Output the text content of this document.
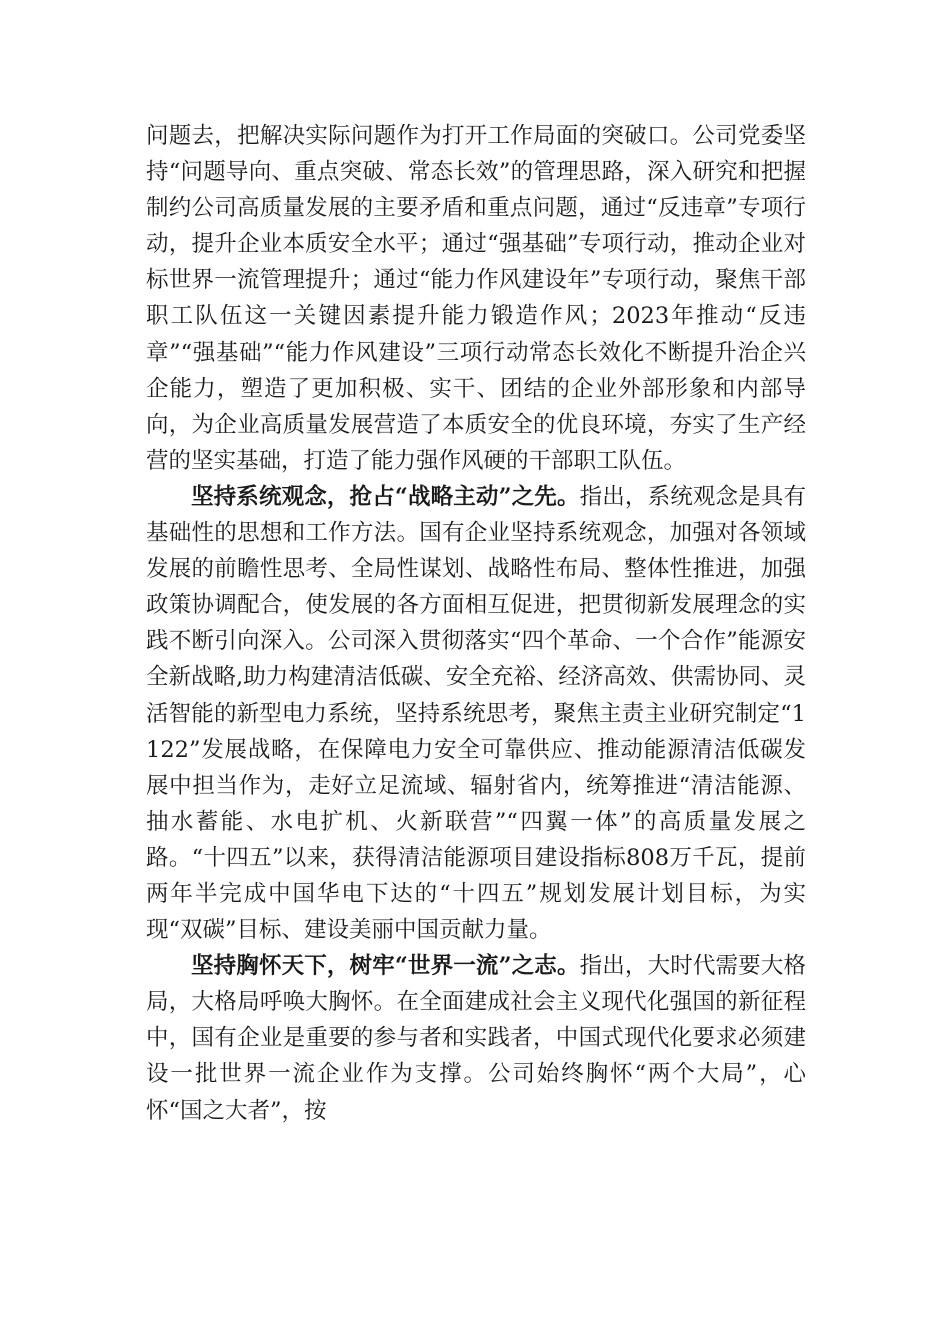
问题去，把解决实际问题作为打开工作局面的突破口。公司党委坚持“问题导向、重点突破、常态长效”的管理思路，深入研究和把握制约公司高质量发展的主要矛盾和重点问题，通过“反违章”专项行动，提升企业本质安全水平；通过“强基础”专项行动，推动企业对标世界一流管理提升；通过“能力作风建设年”专项行动，聚焦干部职工队伍这一关键因素提升能力锻造作风；2023年推动“反违章”“强基础”“能力作风建设”三项行动常态长效化不断提升治企兴企能力，塑造了更加积极、实干、团结的企业外部形象和内部导向，为企业高质量发展营造了本质安全的优良环境，夯实了生产经营的坚实基础，打造了能力强作风硬的干部职工队伍。

坚持系统观念，抢占“战略主动”之先。指出，系统观念是具有基础性的思想和工作方法。国有企业坚持系统观念，加强对各领域发展的前瞻性思考、全局性谋划、战略性布局、整体性推进，加强政策协调配合，使发展的各方面相互促进，把贯彻新发展理念的实践不断引向深入。公司深入贯彻落实“四个革命、一个合作”能源安全新战略,助力构建清洁低碳、安全充裕、经济高效、供需协同、灵活智能的新型电力系统，坚持系统思考，聚焦主责主业研究制定“1122”发展战略，在保障电力安全可靠供应、推动能源清洁低碳发展中担当作为，走好立足流域、辐射省内，统筹推进“清洁能源、抽水蓄能、水电扩机、火新联营”“四翼一体”的高质量发展之路。“十四五”以来，获得清洁能源项目建设指标808万千瓦，提前两年半完成中国华电下达的“十四五”规划发展计划目标，为实现“双碳”目标、建设美丽中国贡献力量。

坚持胸怀天下，树牢“世界一流”之志。指出，大时代需要大格局，大格局呼唤大胸怀。在全面建成社会主义现代化强国的新征程中，国有企业是重要的参与者和实践者，中国式现代化要求必须建设一批世界一流企业作为支撑。公司始终胸怀“两个大局”，心怀“国之大者”，按
